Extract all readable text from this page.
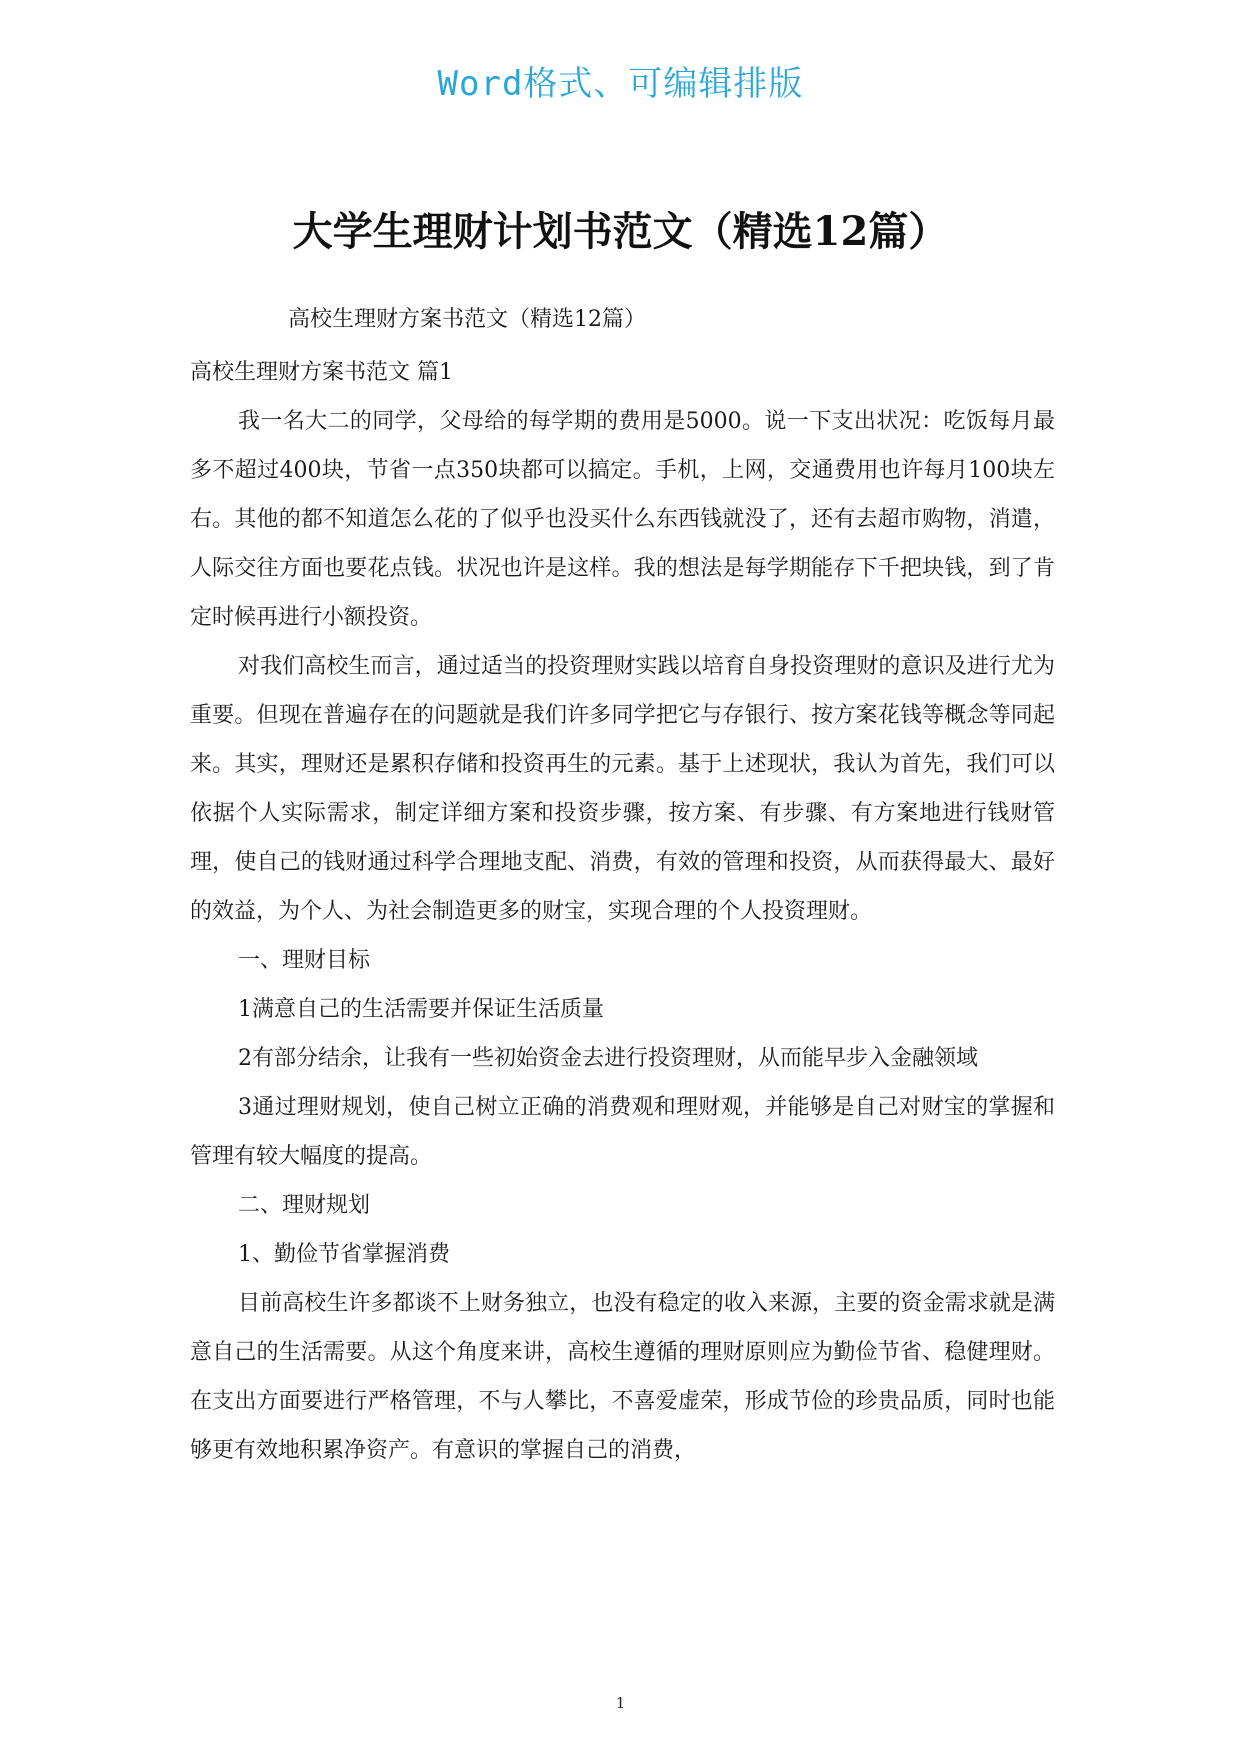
Word格式、可编辑排版
大学生理财计划书范文（精选12篇）
高校生理财方案书范文（精选12篇）

高校生理财方案书范文 篇1

我一名大二的同学，父母给的每学期的费用是5000。说一下支出状况：吃饭每月最多不超过400块，节省一点350块都可以搞定。手机，上网，交通费用也许每月100块左右。其他的都不知道怎么花的了似乎也没买什么东西钱就没了，还有去超市购物，消遣，人际交往方面也要花点钱。状况也许是这样。我的想法是每学期能存下千把块钱，到了肯定时候再进行小额投资。

对我们高校生而言，通过适当的投资理财实践以培育自身投资理财的意识及进行尤为重要。但现在普遍存在的问题就是我们许多同学把它与存银行、按方案花钱等概念等同起来。其实，理财还是累积存储和投资再生的元素。基于上述现状，我认为首先，我们可以依据个人实际需求，制定详细方案和投资步骤，按方案、有步骤、有方案地进行钱财管理，使自己的钱财通过科学合理地支配、消费，有效的管理和投资，从而获得最大、最好的效益，为个人、为社会制造更多的财宝，实现合理的个人投资理财。

一、理财目标

1满意自己的生活需要并保证生活质量

2有部分结余，让我有一些初始资金去进行投资理财，从而能早步入金融领域

3通过理财规划，使自己树立正确的消费观和理财观，并能够是自己对财宝的掌握和管理有较大幅度的提高。

二、理财规划

1、勤俭节省掌握消费

目前高校生许多都谈不上财务独立，也没有稳定的收入来源，主要的资金需求就是满意自己的生活需要。从这个角度来讲，高校生遵循的理财原则应为勤俭节省、稳健理财。在支出方面要进行严格管理，不与人攀比，不喜爱虚荣，形成节俭的珍贵品质，同时也能够更有效地积累净资产。有意识的掌握自己的消费，

1
